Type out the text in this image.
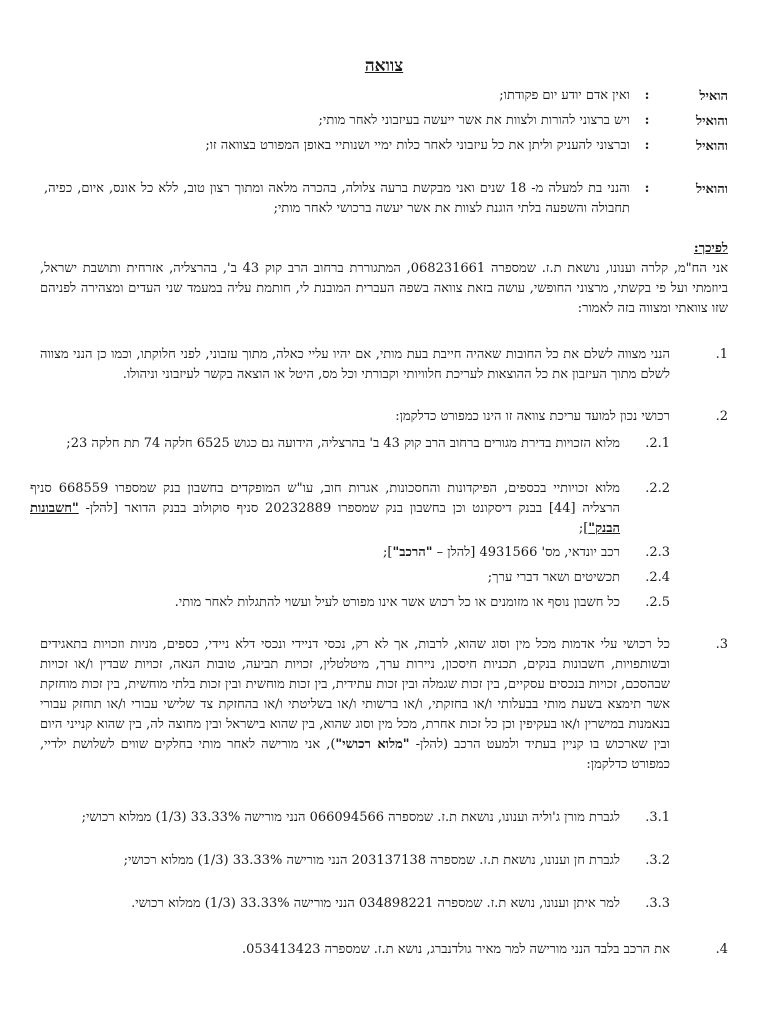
צוואה
הואיל
:
ואין אדם יודע יום פקודתו;
והואיל
:
ויש ברצוני להורות ולצוות את אשר ייעשה בעיזבוני לאחר מותי;
והואיל
:
וברצוני להעניק וליתן את כל עיזבוני לאחר כלות ימיי ושנותיי באופן המפורט בצוואה זו;
והואיל
:
והנני בת למעלה מ- 18 שנים ואני מבקשת ברעה צלולה, בהכרה מלאה ומתוך רצון טוב, ללא כל אונס, איום, כפיה, תחבולה והשפעה בלתי הוגנת לצוות את אשר יעשה ברכושי לאחר מותי;
לפיכך:
אני הח"מ, קלרה וענונו, נושאת ת.ז. שמספרה 068231661, המתגוררת ברחוב הרב קוק 43 ב', בהרצליה, אזרחית ותושבת ישראל, ביוזמתי ועל פי בקשתי, מרצוני החופשי, עושה בזאת צוואה בשפה העברית המובנת לי, חותמת עליה במעמד שני העדים ומצהירה לפניהם שזו צוואתי ומצווה בזה לאמור:
.1
הנני מצווה לשלם את כל החובות שאהיה חייבת בעת מותי, אם יהיו עליי כאלה, מתוך עזבוני, לפני חלוקתו, וכמו כן הנני מצווה לשלם מתוך העיזבון את כל ההוצאות לעריכת חלוויותי וקבורתי וכל מס, היטל או הוצאה בקשר לעיזבוני וניהולו.
.2
רכושי נכון למועד עריכת צוואה זו הינו כמפורט כדלקמן:
.2.1
מלוא הזכויות בדירת מגורים ברחוב הרב קוק 43 ב' בהרצליה, הידועה גם כגוש 6525 חלקה 74 תת חלקה 23;
.2.2
מלוא זכויותיי בכספים, הפיקדונות והחסכונות, אגרות חוב, עו"ש המופקדים בחשבון בנק שמספרו 668559 סניף הרצליה [44] בבנק דיסקונט וכן בחשבון בנק שמספרו 20232889 סניף סוקולוב בבנק הדואר [להלן- "חשבונות הבנק"];
.2.3
רכב יונדאי, מס' 4931566 [להלן – "הרכב"];
.2.4
תכשיטים ושאר דברי ערך;
.2.5
כל חשבון נוסף או מזומנים או כל רכוש אשר אינו מפורט לעיל ועשוי להתגלות לאחר מותי.
.3
כל רכושי עלי אדמות מכל מין וסוג שהוא, לרבות, אך לא רק, נכסי דניידי ונכסי דלא ניידי, כספים, מניות וזכויות בתאגידים ובשותפויות, חשבונות בנקים, תכניות חיסכון, ניירות ערך, מיטלטלין, זכויות תביעה, טובות הנאה, זכויות שבדין ו/או זכויות שבהסכם, זכויות בנכסים עסקיים, בין זכות שגמלה ובין זכות עתידית, בין זכות מוחשית ובין זכות בלתי מוחשית, בין זכות מוחזקת אשר תימצא בשעת מותי בבעלותי ו/או בחזקתי, ו/או ברשותי ו/או בשליטתי ו/או בהחזקת צד שלישי עבורי ו/או תוחזק עבורי בנאמנות במישרין ו/או בעקיפין וכן כל זכות אחרת, מכל מין וסוג שהוא, בין שהוא בישראל ובין מחוצה לה, בין שהוא קנייני היום ובין שארכוש בו קניין בעתיד ולמעט הרכב (להלן- "מלוא רכושי"), אני מורישה לאחר מותי בחלקים שווים לשלושת ילדיי, כמפורט כדלקמן:
.3.1
לגברת מורן ג'וליה וענונו, נושאת ת.ז. שמספרה 066094566 הנני מורישה 33.33% (1/3) ממלוא רכושי;
.3.2
לגברת חן וענונו, נושאת ת.ז. שמספרה 203137138 הנני מורישה 33.33% (1/3) ממלוא רכושי;
.3.3
למר איתן וענונו, נושא ת.ז. שמספרה 034898221 הנני מורישה 33.33% (1/3) ממלוא רכושי.
.4
את הרכב בלבד הנני מורישה למר מאיר גולדנברג, נושא ת.ז. שמספרה 053413423.
